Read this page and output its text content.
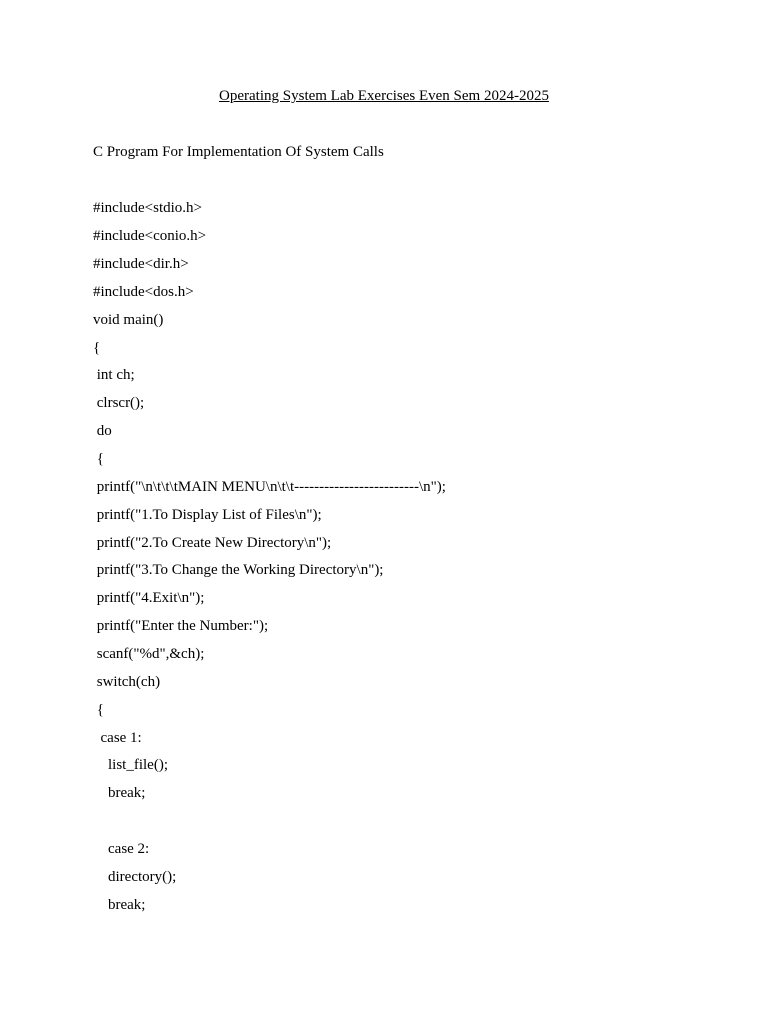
Operating System Lab Exercises Even Sem 2024-2025
C Program For Implementation Of System Calls
#include<stdio.h>
#include<conio.h>
#include<dir.h>
#include<dos.h>
void main()
{
int ch;
clrscr();
do
{
printf("\n\t\t\tMAIN MENU\n\t\t-------------------------\n");
printf("1.To Display List of Files\n");
printf("2.To Create New Directory\n");
printf("3.To Change the Working Directory\n");
printf("4.Exit\n");
printf("Enter the Number:");
scanf("%d",&ch);
switch(ch)
{
case 1:
list_file();
break;
case 2:
directory();
break;
